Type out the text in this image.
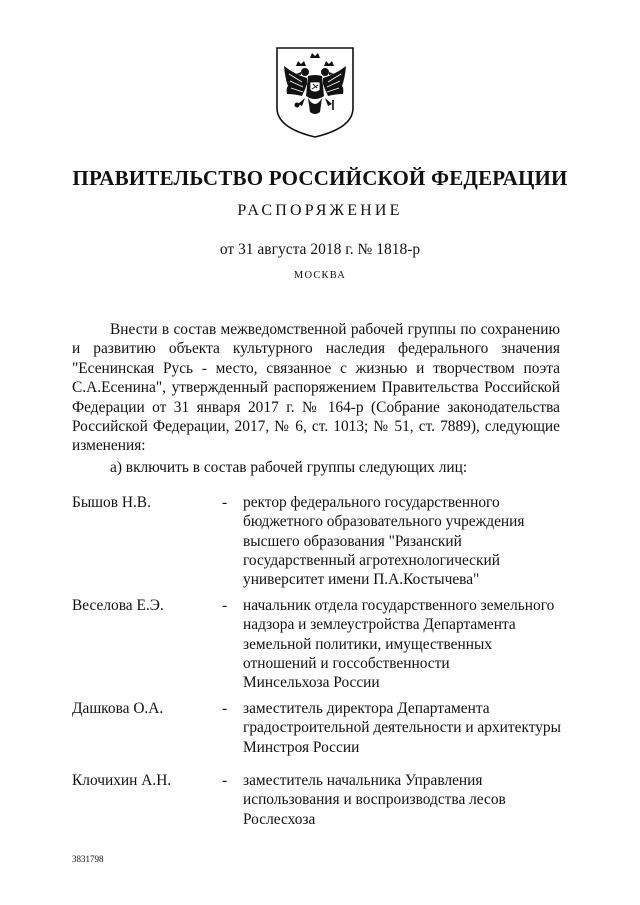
ПРАВИТЕЛЬСТВО РОССИЙСКОЙ ФЕДЕРАЦИИ
РАСПОРЯЖЕНИЕ
от 31 августа 2018 г. № 1818-р
МОСКВА
Внести в состав межведомственной рабочей группы по сохранению
и развитию объекта культурного наследия федерального значения
"Есенинская Русь - место, связанное с жизнью и творчеством поэта
С.А.Есенина", утвержденный распоряжением Правительства Российской
Федерации от 31 января 2017 г. № 164-р (Собрание законодательства
Российской Федерации, 2017, № 6, ст. 1013; № 51, ст. 7889), следующие
изменения:
а) включить в состав рабочей группы следующих лиц:
Бышов Н.В.	- ректор федерального государственного
бюджетного образовательного учреждения
высшего образования "Рязанский
государственный агротехнологический
университет имени П.А.Костычева"
Веселова Е.Э.	- начальник отдела государственного земельного
надзора и землеустройства Департамента
земельной политики, имущественных
отношений и госсобственности
Минсельхоза России
Дашкова О.А.	- заместитель директора Департамента
градостроительной деятельности и архитектуры
Минстроя России
Клочихин А.Н.	- заместитель начальника Управления
использования и воспроизводства лесов
Рослесхоза
3831798
